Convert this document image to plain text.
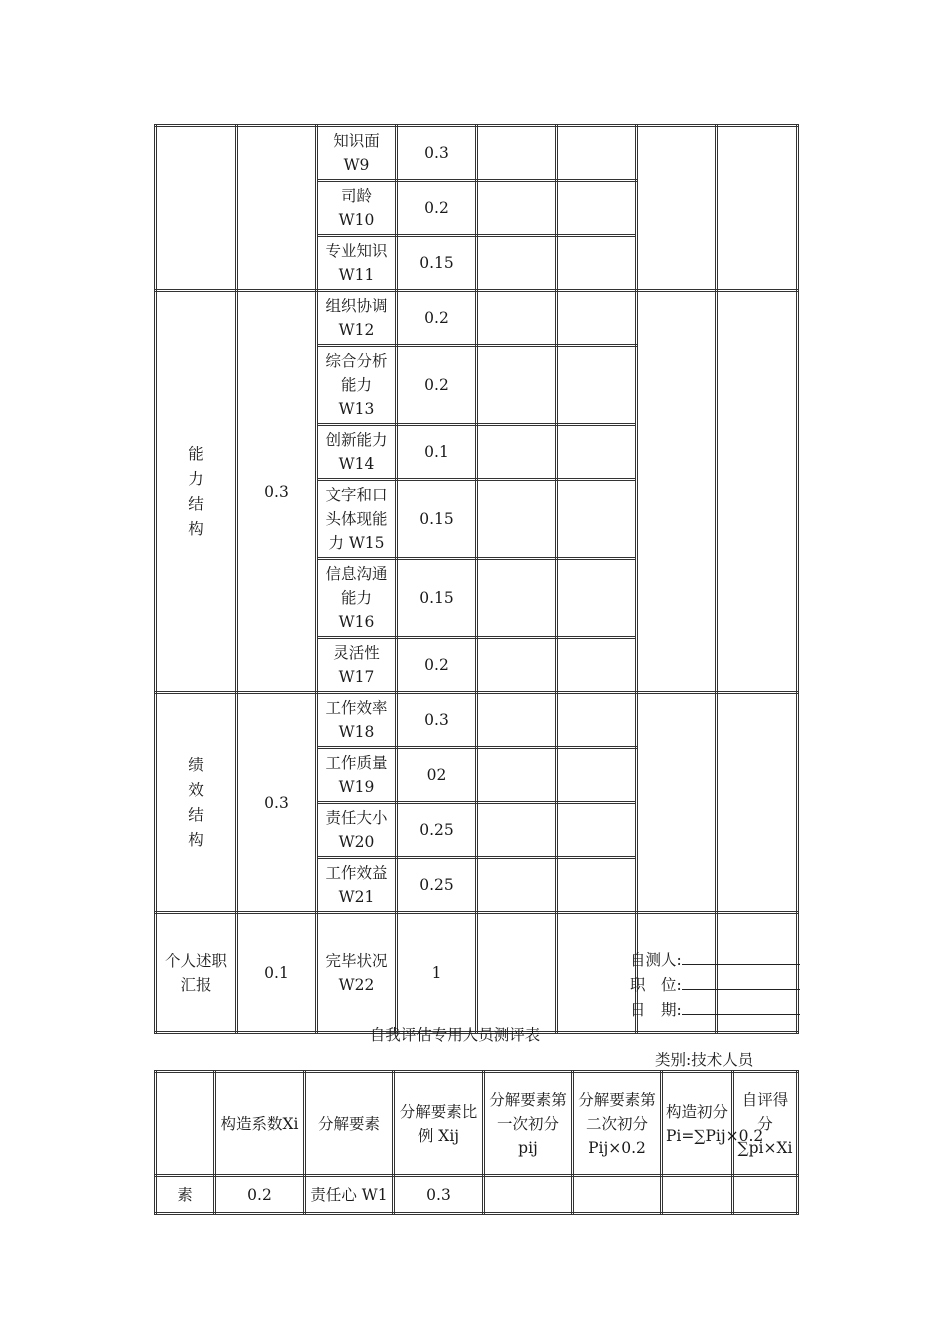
		知识面W9	0.3				
		司龄 W10	0.2				
		专业知识W11	0.15				
能力结构	0.3	组织协调W12	0.2				
		综合分析能力 W13	0.2				
		创新能力W14	0.1				
		文字和口头体现能力 W15	0.15				
		信息沟通能力 W16	0.15				
		灵活性W17	0.2				
绩效结构	0.3	工作效率W18	0.3				
		工作质量W19	02				
		责任大小W20	0.25				
		工作效益W21	0.25				
个人述职汇报	0.1	完毕状况W22	1				
自测人:
职　位:
日　期:
自我评估专用人员测评表
类别:技术人员
	构造系数Xi	分解要素	分解要素比例 Xij	分解要素第一次初分pij	分解要素第二次初分Pij×0.2	构造初分Pi=∑Pij×0.2	自评得分∑pi×Xi
素	0.2	责任心 W1	0.3				
